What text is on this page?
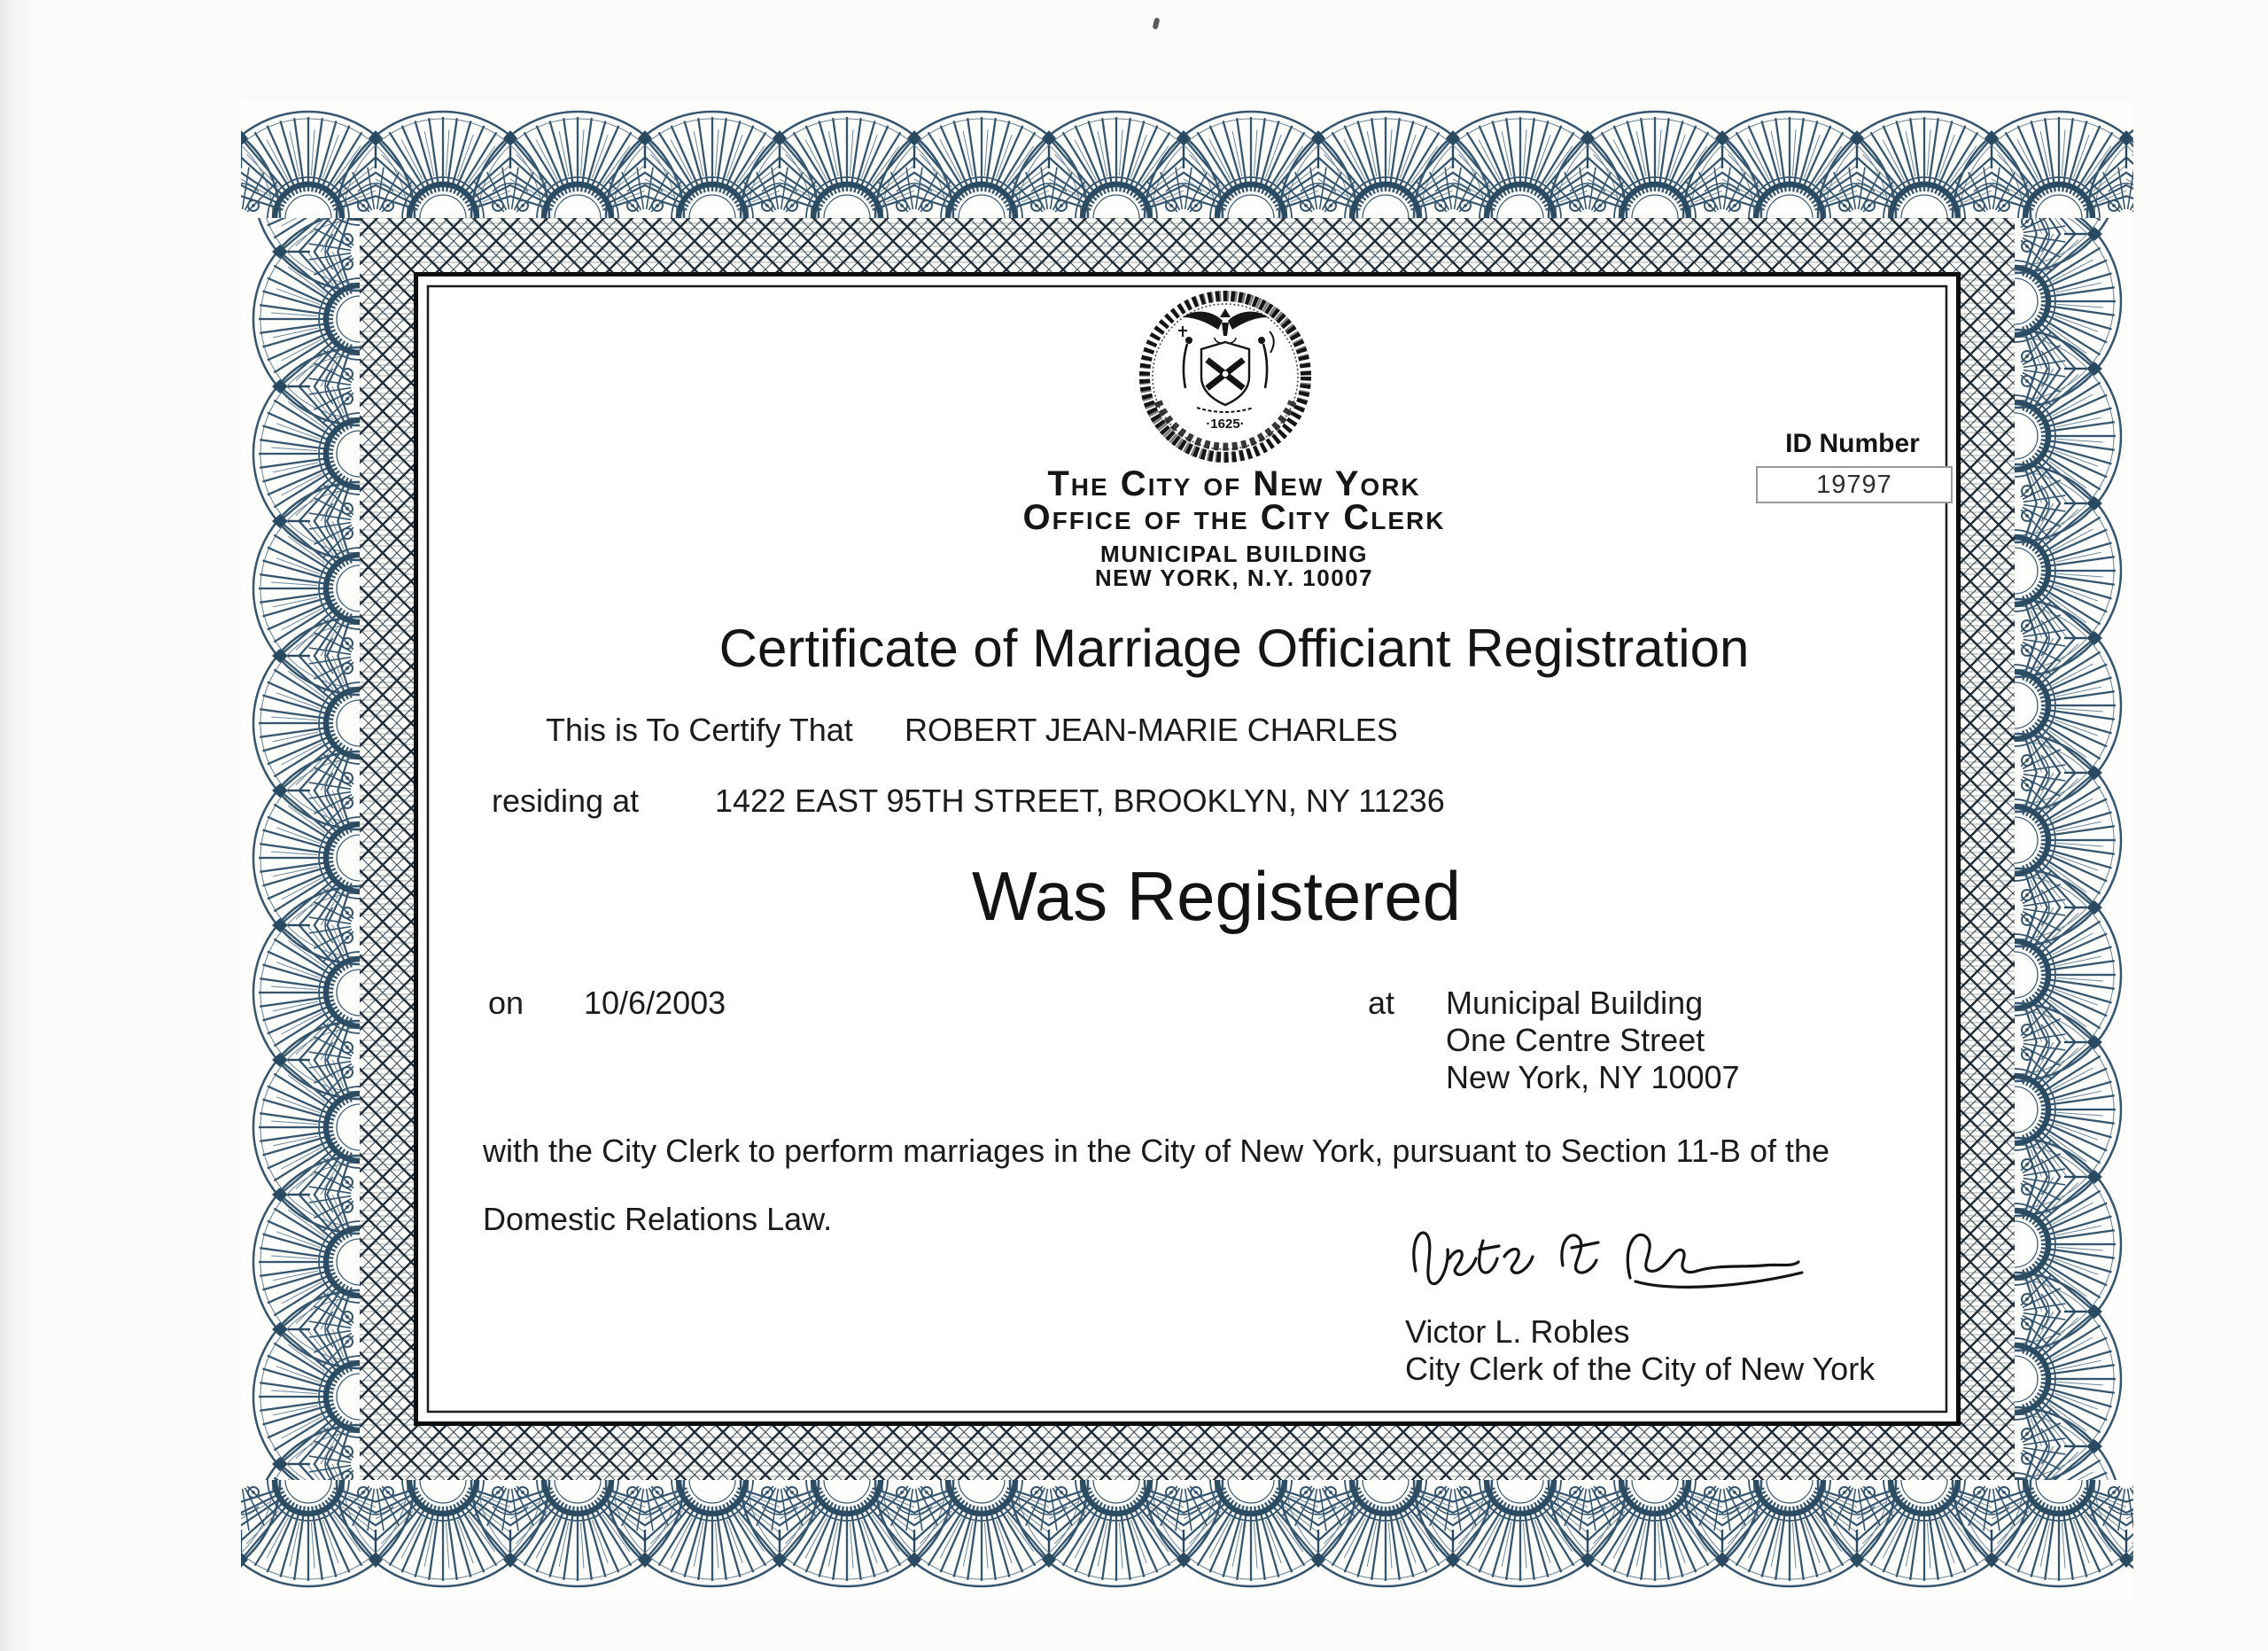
·1625·
The City of New York
Office of the City Clerk
MUNICIPAL BUILDING
NEW YORK, N.Y. 10007
ID Number
19797
Certificate of Marriage Officiant Registration
This is To Certify That ROBERT JEAN-MARIE CHARLES
residing at 1422 EAST 95TH STREET, BROOKLYN, NY 11236
Was Registered
on 10/6/2003	at Municipal Building
One Centre Street
New York, NY 10007
with the City Clerk to perform marriages in the City of New York, pursuant to Section 11-B of the
Domestic Relations Law.
Victor L. Robles
City Clerk of the City of New York
